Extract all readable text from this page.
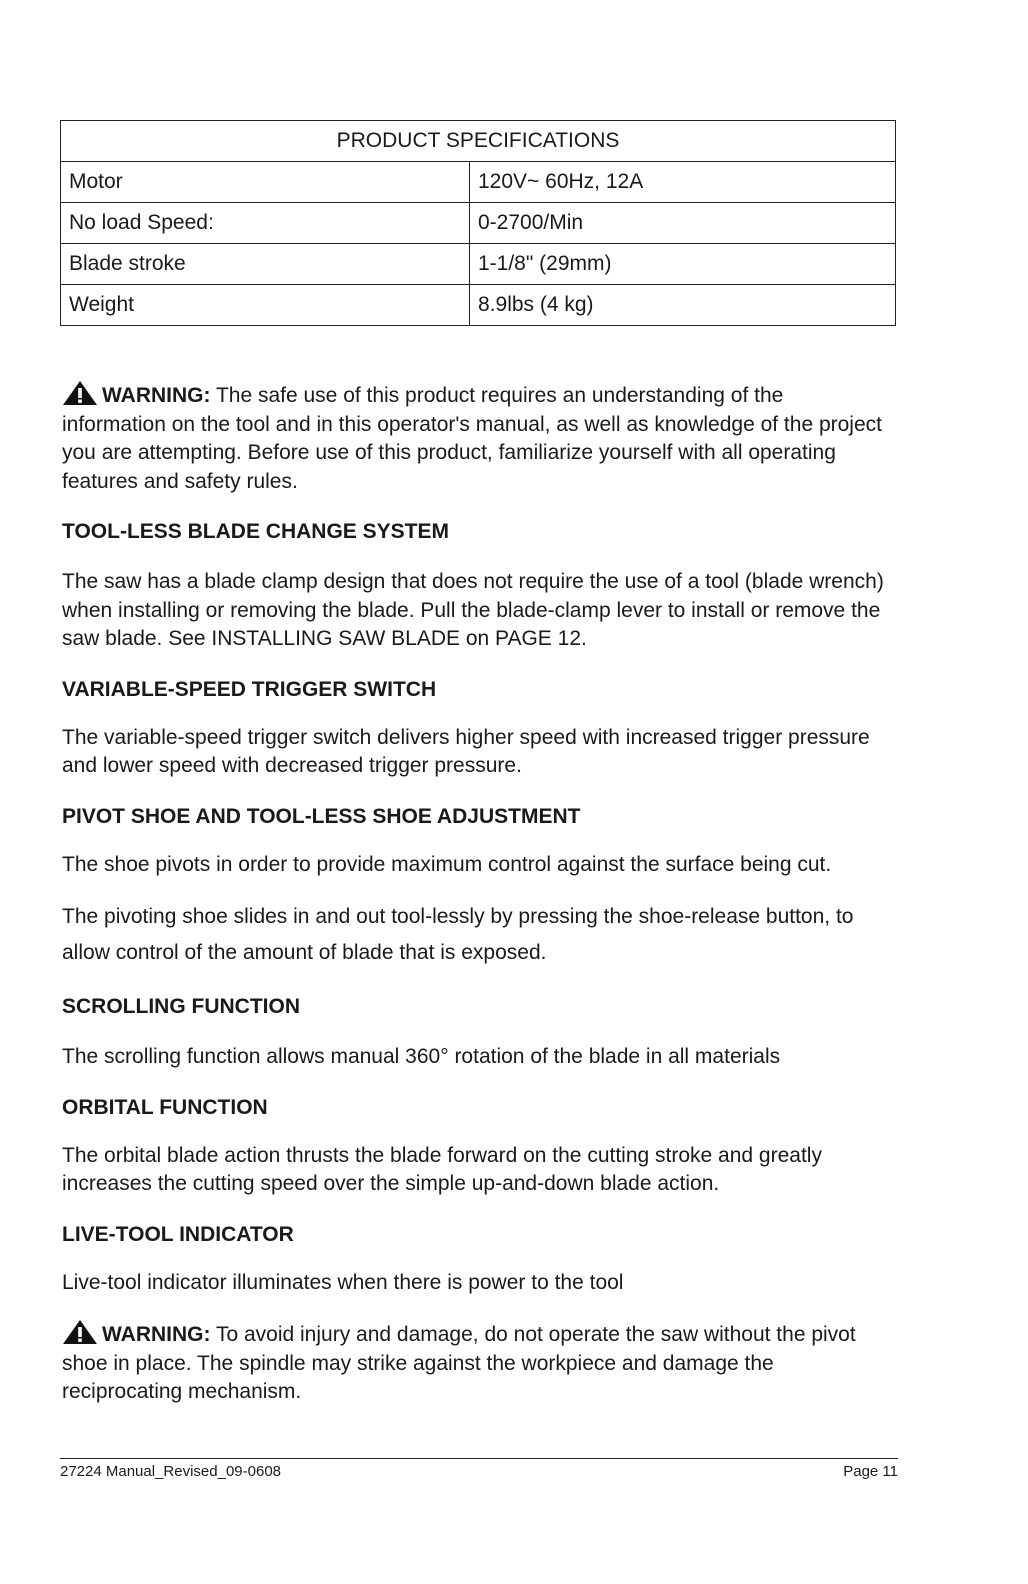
PRODUCT SPECIFICATIONS	
Motor	120V~ 60Hz, 12A
No load Speed:	0-2700/Min
Blade stroke	1-1/8" (29mm)
Weight	8.9lbs (4 kg)

WARNING: The safe use of this product requires an understanding of the information on the tool and in this operator's manual, as well as knowledge of the project you are attempting. Before use of this product, familiarize yourself with all operating features and safety rules.

TOOL-LESS BLADE CHANGE SYSTEM

The saw has a blade clamp design that does not require the use of a tool (blade wrench) when installing or removing the blade. Pull the blade-clamp lever to install or remove the saw blade. See INSTALLING SAW BLADE on PAGE 12.

VARIABLE-SPEED TRIGGER SWITCH

The variable-speed trigger switch delivers higher speed with increased trigger pressure and lower speed with decreased trigger pressure.

PIVOT SHOE AND TOOL-LESS SHOE ADJUSTMENT

The shoe pivots in order to provide maximum control against the surface being cut.

The pivoting shoe slides in and out tool-lessly by pressing the shoe-release button, to allow control of the amount of blade that is exposed.

SCROLLING FUNCTION

The scrolling function allows manual 360° rotation of the blade in all materials

ORBITAL FUNCTION

The orbital blade action thrusts the blade forward on the cutting stroke and greatly increases the cutting speed over the simple up-and-down blade action.

LIVE-TOOL INDICATOR

Live-tool indicator illuminates when there is power to the tool

WARNING: To avoid injury and damage, do not operate the saw without the pivot shoe in place. The spindle may strike against the workpiece and damage the reciprocating mechanism.

27224 Manual_Revised_09-0608	Page 11
